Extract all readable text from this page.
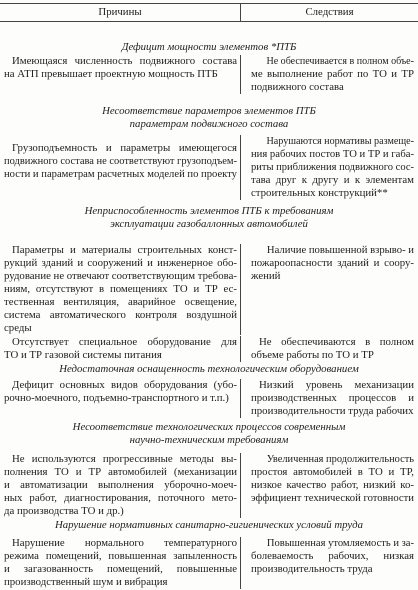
Причины	Следствия
Дефицит мощности элементов *ПТБ
Имеющаяся численность подвижного состава
на АТП превышает проектную мощность ПТБ
Не обеспечивается в полном объе-
ме выполнение работ по ТО и ТР
подвижного состава
Несоответствие параметров элементов ПТБ
параметрам подвижного состава
Грузоподъемность и параметры имеющегося
подвижного состава не соответствуют грузоподъем-
ности и параметрам расчетных моделей по проекту
Нарушаются нормативы размеще-
ния рабочих постов ТО и ТР и габа-
риты приближения подвижного сос-
тава друг к другу и к элементам
строительных конструкций**
Неприспособленность элементов ПТБ к требованиям
эксплуатации газобаллонных автомобилей
Параметры и материалы строительных конст-
рукций зданий и сооружений и инженерное обо-
рудование не отвечают соответствующим требова-
ниям, отсутствуют в помещениях ТО и ТР ес-
тественная вентиляция, аварийное освещение,
система автоматического контроля воздушной
среды
Наличие повышенной взрыво- и
пожароопасности зданий и соору-
жений
Отсутствует специальное оборудование для
ТО и ТР газовой системы питания
Не обеспечиваются в полном
объеме работы по ТО и ТР
Недостаточная оснащенность технологическим оборудованием
Дефицит основных видов оборудования (убо-
рочно-моечного, подъемно-транспортного и т.п.)
Низкий уровень механизации
производственных процессов и
производительности труда рабочих
Несоответствие технологических процессов современным
научно-техническим требованиям
Не используются прогрессивные методы вы-
полнения ТО и ТР автомобилей (механизации
и автоматизации выполнения уборочно-моеч-
ных работ, диагностирования, поточного мето-
да производства ТО и др.)
Увеличенная продолжительность
простоя автомобилей в ТО и ТР,
низкое качество работ, низкий ко-
эффициент технической готовности
Нарушение нормативных санитарно-гигиенических условий труда
Нарушение нормального температурного
режима помещений, повышенная запыленность
и загазованность помещений, повышенные
производственный шум и вибрация
Повышенная утомляемость и за-
болеваемость рабочих, низкая
производительность труда
